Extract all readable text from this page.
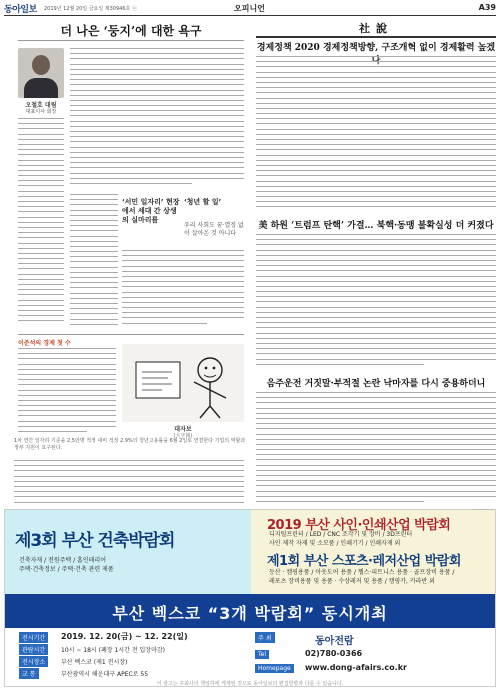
동아일보 2019년 12월 20일 금요일 제30946호 ⓐ	오피니언	A39
더 나은 ‘둥지’에 대한 욕구
오철호 대림
대표이사 회장
‘서민 일자리’ 현장에서 세대 간 상생의 실마리를
‘청년 할 일’
우리 사회도 꿈·열정 없이 살아온 것 아니다
이준석의 경제 첫 수
대자보
(大字報)
1차 연간 일자리 기준을 2,5만명 적정 대비 적정 2.9%의 청년고용률을 6월 2일로 연결한다 기업의 역할과 정부 지원이 요구된다.
社說
경제정책 2020 경제정책방향, 구조개혁 없이 경제활력 높겠나
美 하원 ‘트럼프 탄핵’ 가결… 북핵·동맹 불확실성 더 커졌다
음주운전 거짓말·부적절 논란 낙마자를 다시 중용하더니
제3회 부산 건축박람회
건축자재 / 전원주택 / 홈인테리어
주택·건축정보 / 주택·건축 관련 제품
2019 부산 사인·인쇄산업 박람회
디지털프린터 / LED / CNC 조각기 및 장비 / 3D프린터
사인 제작 자재 및 소모품 / 인쇄기기 / 인쇄자재 외
제1회 부산 스포츠·레저산업 박람회
등산 · 캠핑용품 / 아웃도어 용품 / 헬스·피트니스 용품 · 골프장비 용품 /
레포츠 장비용품 및 용품 · 수상레저 및 용품 / 캠핑카, 카라반 외
부산 벡스코 “3개 박람회” 동시개최
전시기간	2019. 12. 20(금) ~ 12. 22(일)
관람시간	10시 ~ 18시 (폐장 1시간 전 입장마감)
전시장소	부산 벡스코 (제1 전시장)
교 통	부산광역시 해운대구 APEC로 55
주 최	동아전람
Tel	02)780-0366
Homepage	www.dong-afairs.co.kr
이 광고는 주최사의 책임하에 게재된 것으로 동아일보의 편집방향과 다를 수 있습니다.
